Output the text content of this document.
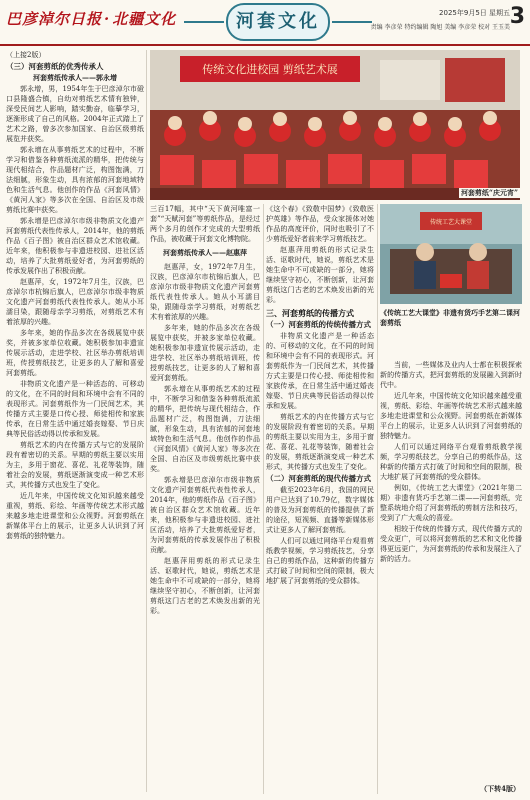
巴彦淖尔日报 · 北疆文化	河套文化	2025年9月5日 星期五
责编 李彦荣 特约编辑 陶旭 美编 李彦荣 校对 王玉美 3

（上接2版）

（三）河套剪纸的优秀传承人

河套剪纸传承人——郭永增

郭永增，男，1954年生于巴彦淖尔市磴口县隆盛合镇，自幼对剪纸艺术情有独钟，深受民间艺人影响，踏实勤奋，临摹学习，逐渐形成了自己的风格。2004年正式踏上了艺术之路，曾多次参加国家、自治区级剪纸展览并获奖。

郭永增在从事剪纸艺术的过程中，不断学习和借鉴各种剪纸流派的精华，把传统与现代相结合，作品题材广泛，构图饱满，刀法细腻，形象生动，具有浓郁的河套地域特色和生活气息。他创作的作品《河套风情》《黄河人家》等多次在全国、自治区及市级剪纸比赛中获奖。

郭永增是巴彦淖尔市级非物质文化遗产河套剪纸代表性传承人，2014年，他的剪纸作品《百子图》被自治区群众艺术馆收藏。近年来，他积极参与非遗进校园、进社区活动，培养了大批剪纸爱好者，为河套剪纸的传承发展作出了积极贡献。

赵惠萍，女，1972年7月生，汉族，巴彦淖尔市杭锦后旗人，巴彦淖尔市级非物质文化遗产河套剪纸代表性传承人。她从小耳濡目染，跟随母亲学习剪纸，对剪纸艺术有着浓厚的兴趣。

多年来，她的作品多次在各级展览中获奖，并被多家单位收藏。她积极参加非遗宣传展示活动，走进学校、社区举办剪纸培训班，传授剪纸技艺，让更多的人了解和喜爱河套剪纸。

非物质文化遗产是一种活态的、可移动的文化，在不同的时间和环境中会有不同的表现形式。河套剪纸作为一门民间艺术，其传播方式主要是口传心授、师徒相传和家族传承，在日常生活中通过婚丧嫁娶、节日庆典等民俗活动得以传承和发展。

剪纸艺术的内在传播方式与它的发展阶段有着密切的关系。早期的剪纸主要以实用为主，多用于窗花、喜花、礼花等装饰，随着社会的发展，剪纸逐渐演变成一种艺术形式，其传播方式也发生了变化。

近几年来，中国传统文化知识越来越受重视，剪纸、彩绘、年画等传统艺术形式越来越多地走进课堂和公众视野。河套剪纸在新媒体平台上的展示，让更多人认识到了河套剪纸的独特魅力。

传统文化进校园 剪纸艺术展
河套剪纸“庆元宵”

三百17幅，其中“天下黄河唯富一套”“天赋河套”等剪纸作品，是经过两个多月的创作才完成的大型剪纸作品，被收藏于河套文化博物院。

河套剪纸传承人——赵惠萍

赵惠萍，女，1972年7月生，汉族，巴彦淖尔市杭锦后旗人，巴彦淖尔市级非物质文化遗产河套剪纸代表性传承人。她从小耳濡目染，跟随母亲学习剪纸，对剪纸艺术有着浓厚的兴趣。

多年来，她的作品多次在各级展览中获奖，并被多家单位收藏。她积极参加非遗宣传展示活动，走进学校、社区举办剪纸培训班，传授剪纸技艺，让更多的人了解和喜爱河套剪纸。

郭永增在从事剪纸艺术的过程中，不断学习和借鉴各种剪纸流派的精华，把传统与现代相结合，作品题材广泛，构图饱满，刀法细腻，形象生动，具有浓郁的河套地域特色和生活气息。他创作的作品《河套风情》《黄河人家》等多次在全国、自治区及市级剪纸比赛中获奖。

郭永增是巴彦淖尔市级非物质文化遗产河套剪纸代表性传承人，2014年，他的剪纸作品《百子图》被自治区群众艺术馆收藏。近年来，他积极参与非遗进校园、进社区活动，培养了大批剪纸爱好者，为河套剪纸的传承发展作出了积极贡献。

赵惠萍用剪纸的形式记录生活、讴歌时代，她说，剪纸艺术是她生命中不可或缺的一部分，她将继续坚守初心，不断创新，让河套剪纸这门古老的艺术焕发出新的光彩。

《这个春》《致敬中国梦》《致敬医护英雄》等作品，受众家援体对她作品的高度评价，同时也吸引了不少剪纸爱好者前来学习剪纸技艺。

赵惠萍用剪纸的形式记录生活、讴歌时代，她说，剪纸艺术是她生命中不可或缺的一部分，她将继续坚守初心，不断创新，让河套剪纸这门古老的艺术焕发出新的光彩。

三、河套剪纸的传播方式
（一）河套剪纸的传统传播方式

非物质文化遗产是一种活态的、可移动的文化，在不同的时间和环境中会有不同的表现形式。河套剪纸作为一门民间艺术，其传播方式主要是口传心授、师徒相传和家族传承，在日常生活中通过婚丧嫁娶、节日庆典等民俗活动得以传承和发展。

剪纸艺术的内在传播方式与它的发展阶段有着密切的关系。早期的剪纸主要以实用为主，多用于窗花、喜花、礼花等装饰，随着社会的发展，剪纸逐渐演变成一种艺术形式，其传播方式也发生了变化。

（二）河套剪纸的现代传播方式

截至2023年6月，我国的网民用户已达到了10.79亿，数字媒体的普及为河套剪纸的传播提供了新的途径，短视频、直播等新媒体形式让更多人了解河套剪纸。

人们可以通过网络平台观看剪纸教学视频，学习剪纸技艺，分享自己的剪纸作品，这种新的传播方式打破了时间和空间的限制，极大地扩展了河套剪纸的受众群体。

传统工艺大课堂
《传统工艺大课堂》非遗有货巧手艺第二课河套剪纸

当前，一些媒体及业内人士都在积极探索新的传播方式，把河套剪纸的发展融入到新时代中。

近几年来，中国传统文化知识越来越受重视，剪纸、彩绘、年画等传统艺术形式越来越多地走进课堂和公众视野。河套剪纸在新媒体平台上的展示，让更多人认识到了河套剪纸的独特魅力。

人们可以通过网络平台观看剪纸教学视频，学习剪纸技艺，分享自己的剪纸作品，这种新的传播方式打破了时间和空间的限制，极大地扩展了河套剪纸的受众群体。

例如，《传统工艺大课堂》（2021年第二期）非遗有货巧手艺第二课——河套剪纸，完整系统地介绍了河套剪纸的剪制方法和技巧，受到了广大观众的喜爱。

相较于传统的传播方式，现代传播方式的受众更广，可以将河套剪纸的艺术和文化传播得更远更广，为河套剪纸的传承和发展注入了新的活力。

（下转4版）
